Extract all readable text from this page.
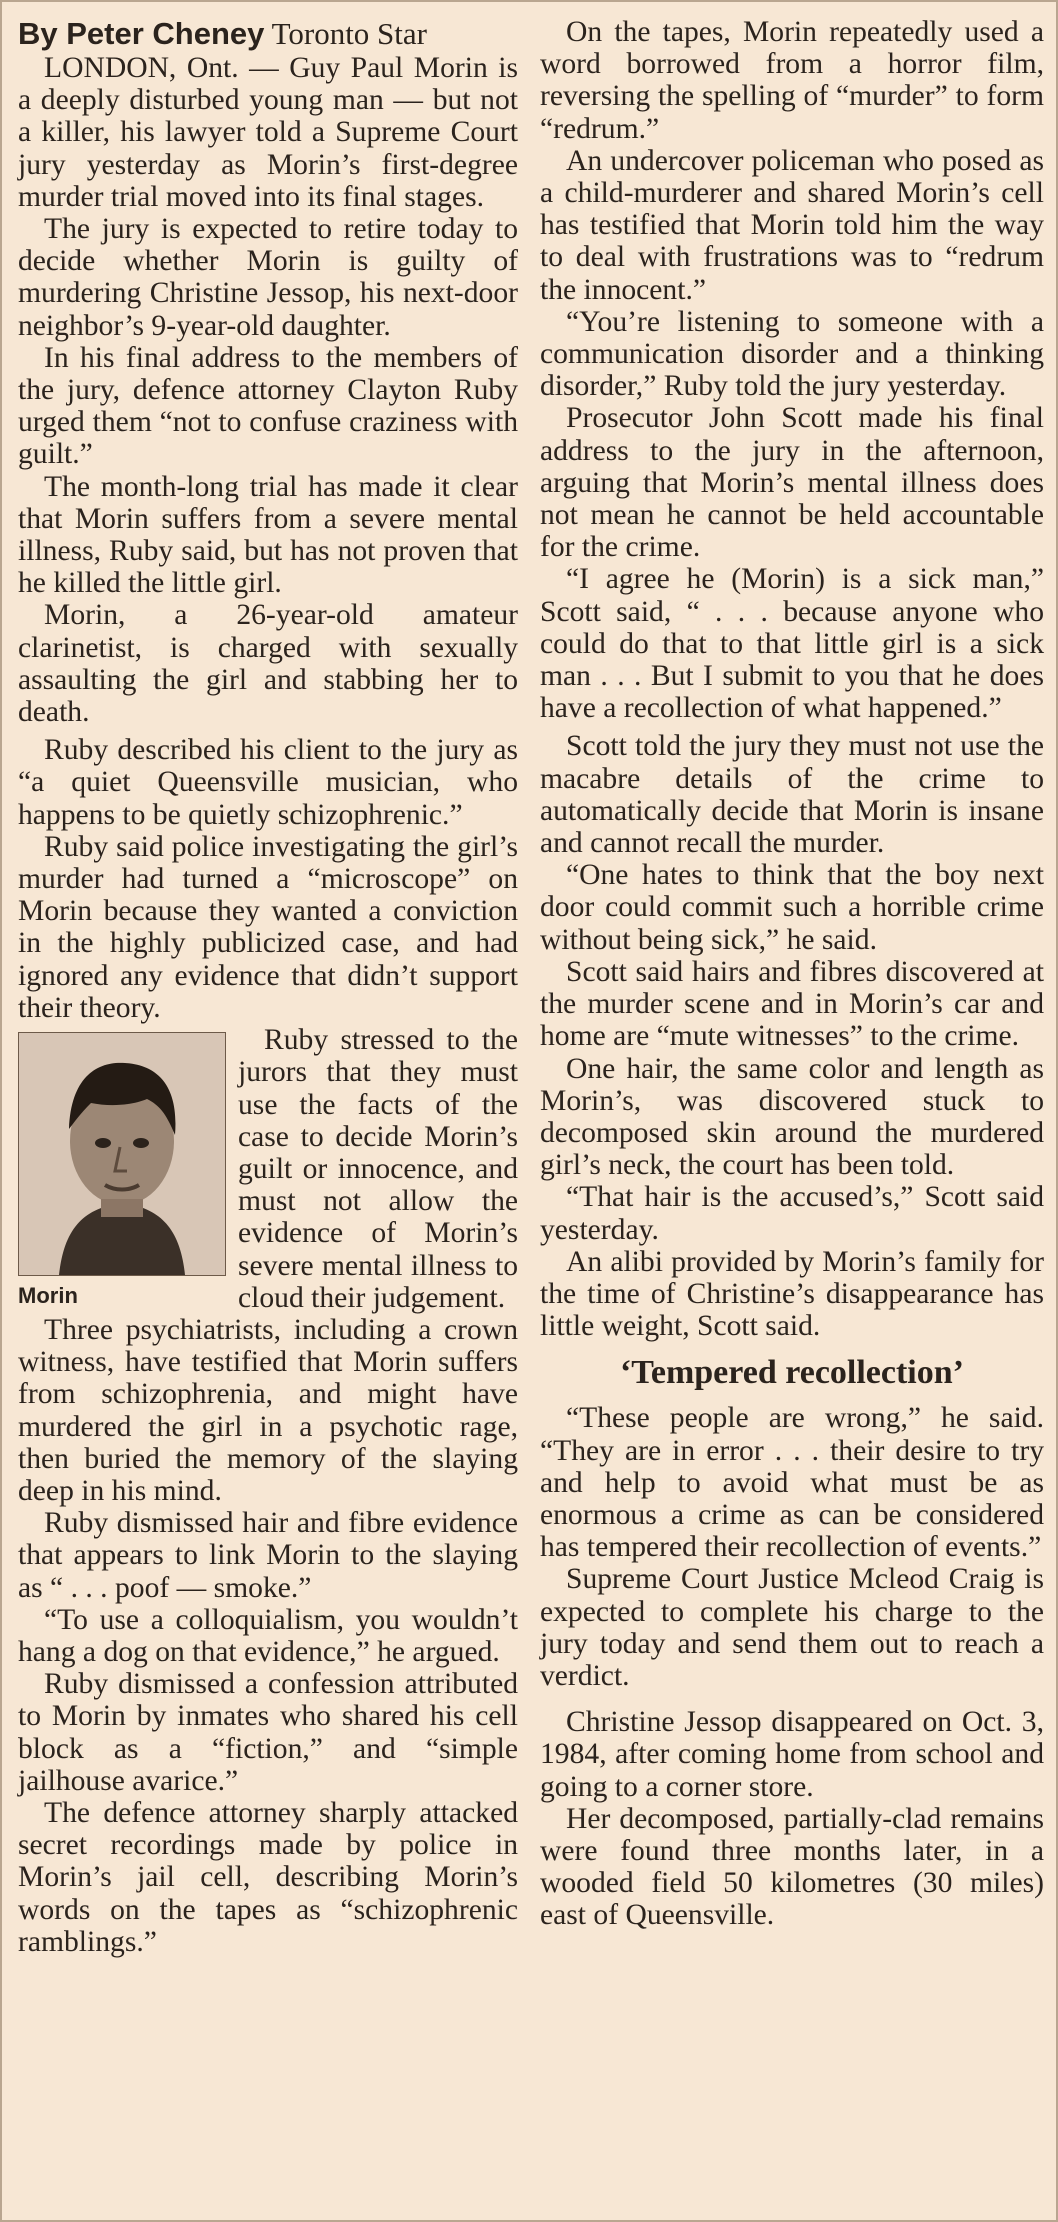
By Peter Cheney Toronto Star

LONDON, Ont. — Guy Paul Morin is a deeply disturbed young man — but not a killer, his lawyer told a Supreme Court jury yesterday as Morin’s first-degree murder trial moved into its final stages.

The jury is expected to retire today to decide whether Morin is guilty of murdering Christine Jessop, his next-door neighbor’s 9-year-old daughter.

In his final address to the members of the jury, defence attorney Clayton Ruby urged them “not to confuse craziness with guilt.”

The month-long trial has made it clear that Morin suffers from a severe mental illness, Ruby said, but has not proven that he killed the little girl.

Morin, a 26-year-old amateur clarinetist, is charged with sexually assaulting the girl and stabbing her to death.

Ruby described his client to the jury as “a quiet Queensville musician, who happens to be quietly schizophrenic.”

Ruby said police investigating the girl’s murder had turned a “microscope” on Morin because they wanted a conviction in the highly publicized case, and had ignored any evidence that didn’t support their theory.

Morin

Ruby stressed to the jurors that they must use the facts of the case to decide Morin’s guilt or innocence, and must not allow the evidence of Morin’s severe mental illness to cloud their judgement.

Three psychiatrists, including a crown witness, have testified that Morin suffers from schizophrenia, and might have murdered the girl in a psychotic rage, then buried the memory of the slaying deep in his mind.

Ruby dismissed hair and fibre evidence that appears to link Morin to the slaying as “ . . . poof — smoke.”

“To use a colloquialism, you wouldn’t hang a dog on that evidence,” he argued.

Ruby dismissed a confession attributed to Morin by inmates who shared his cell block as a “fiction,” and “simple jailhouse avarice.”

The defence attorney sharply attacked secret recordings made by police in Morin’s jail cell, describing Morin’s words on the tapes as “schizophrenic ramblings.”

On the tapes, Morin repeatedly used a word borrowed from a horror film, reversing the spelling of “murder” to form “redrum.”

An undercover policeman who posed as a child-murderer and shared Morin’s cell has testified that Morin told him the way to deal with frustrations was to “redrum the innocent.”

“You’re listening to someone with a communication disorder and a thinking disorder,” Ruby told the jury yesterday.

Prosecutor John Scott made his final address to the jury in the afternoon, arguing that Morin’s mental illness does not mean he cannot be held accountable for the crime.

“I agree he (Morin) is a sick man,” Scott said, “ . . . because anyone who could do that to that little girl is a sick man . . . But I submit to you that he does have a recollection of what happened.”

Scott told the jury they must not use the macabre details of the crime to automatically decide that Morin is insane and cannot recall the murder.

“One hates to think that the boy next door could commit such a horrible crime without being sick,” he said.

Scott said hairs and fibres discovered at the murder scene and in Morin’s car and home are “mute witnesses” to the crime.

One hair, the same color and length as Morin’s, was discovered stuck to decomposed skin around the murdered girl’s neck, the court has been told.

“That hair is the accused’s,” Scott said yesterday.

An alibi provided by Morin’s family for the time of Christine’s disappearance has little weight, Scott said.

‘Tempered recollection’

“These people are wrong,” he said. “They are in error . . . their desire to try and help to avoid what must be as enormous a crime as can be considered has tempered their recollection of events.”

Supreme Court Justice Mcleod Craig is expected to complete his charge to the jury today and send them out to reach a verdict.

Christine Jessop disappeared on Oct. 3, 1984, after coming home from school and going to a corner store.

Her decomposed, partially-clad remains were found three months later, in a wooded field 50 kilometres (30 miles) east of Queensville.
